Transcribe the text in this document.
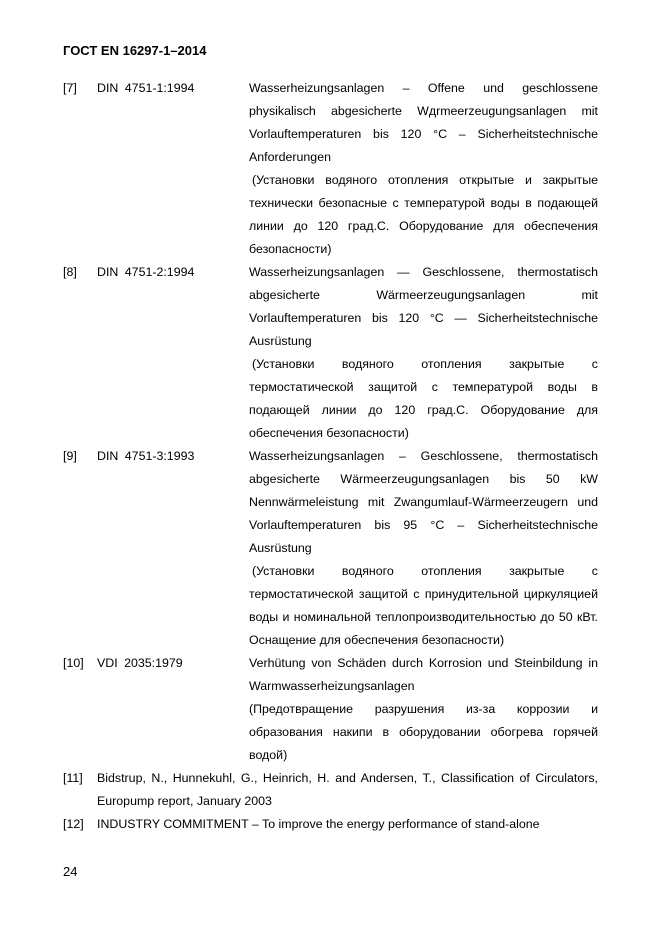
ГОСТ EN 16297-1–2014
[7] DIN 4751-1:1994	Wasserheizungsanlagen – Offene und geschlossene physikalisch abgesicherte Wдrmeerzeugungsanlagen mit Vorlauftemperaturen bis 120 °C – Sicherheitstechnische Anforderungen

(Установки водяного отопления открытые и закрытые технически безопасные с температурой воды в подающей линии до 120 град.С. Оборудование для обеспечения безопасности)

[8] DIN 4751-2:1994	Wasserheizungsanlagen — Geschlossene, thermostatisch abgesicherte Wärmeerzeugungsanlagen mit Vorlauftemperaturen bis 120 °C — Sicherheitstechnische Ausrüstung

(Установки водяного отопления закрытые с термостатической защитой с температурой воды в подающей линии до 120 град.С. Оборудование для обеспечения безопасности)

[9] DIN 4751-3:1993	Wasserheizungsanlagen – Geschlossene, thermostatisch abgesicherte Wärmeerzeugungsanlagen bis 50 kW Nennwärmeleistung mit Zwangumlauf-Wärmeerzeugern und Vorlauftemperaturen bis 95 °C – Sicherheitstechnische Ausrüstung

(Установки водяного отопления закрытые с термостатической защитой с принудительной циркуляцией воды и номинальной теплопроизводительностью до 50 кВт. Оснащение для обеспечения безопасности)

[10] VDI 2035:1979	Verhütung von Schäden durch Korrosion und Steinbildung in Warmwasserheizungsanlagen

(Предотвращение разрушения из-за коррозии и образования накипи в оборудовании обогрева горячей водой)

[11] Bidstrup, N., Hunnekuhl, G., Heinrich, H. and Andersen, T., Classification of Circulators, Europump report, January 2003
[12] INDUSTRY COMMITMENT – To improve the energy performance of stand-alone
24
